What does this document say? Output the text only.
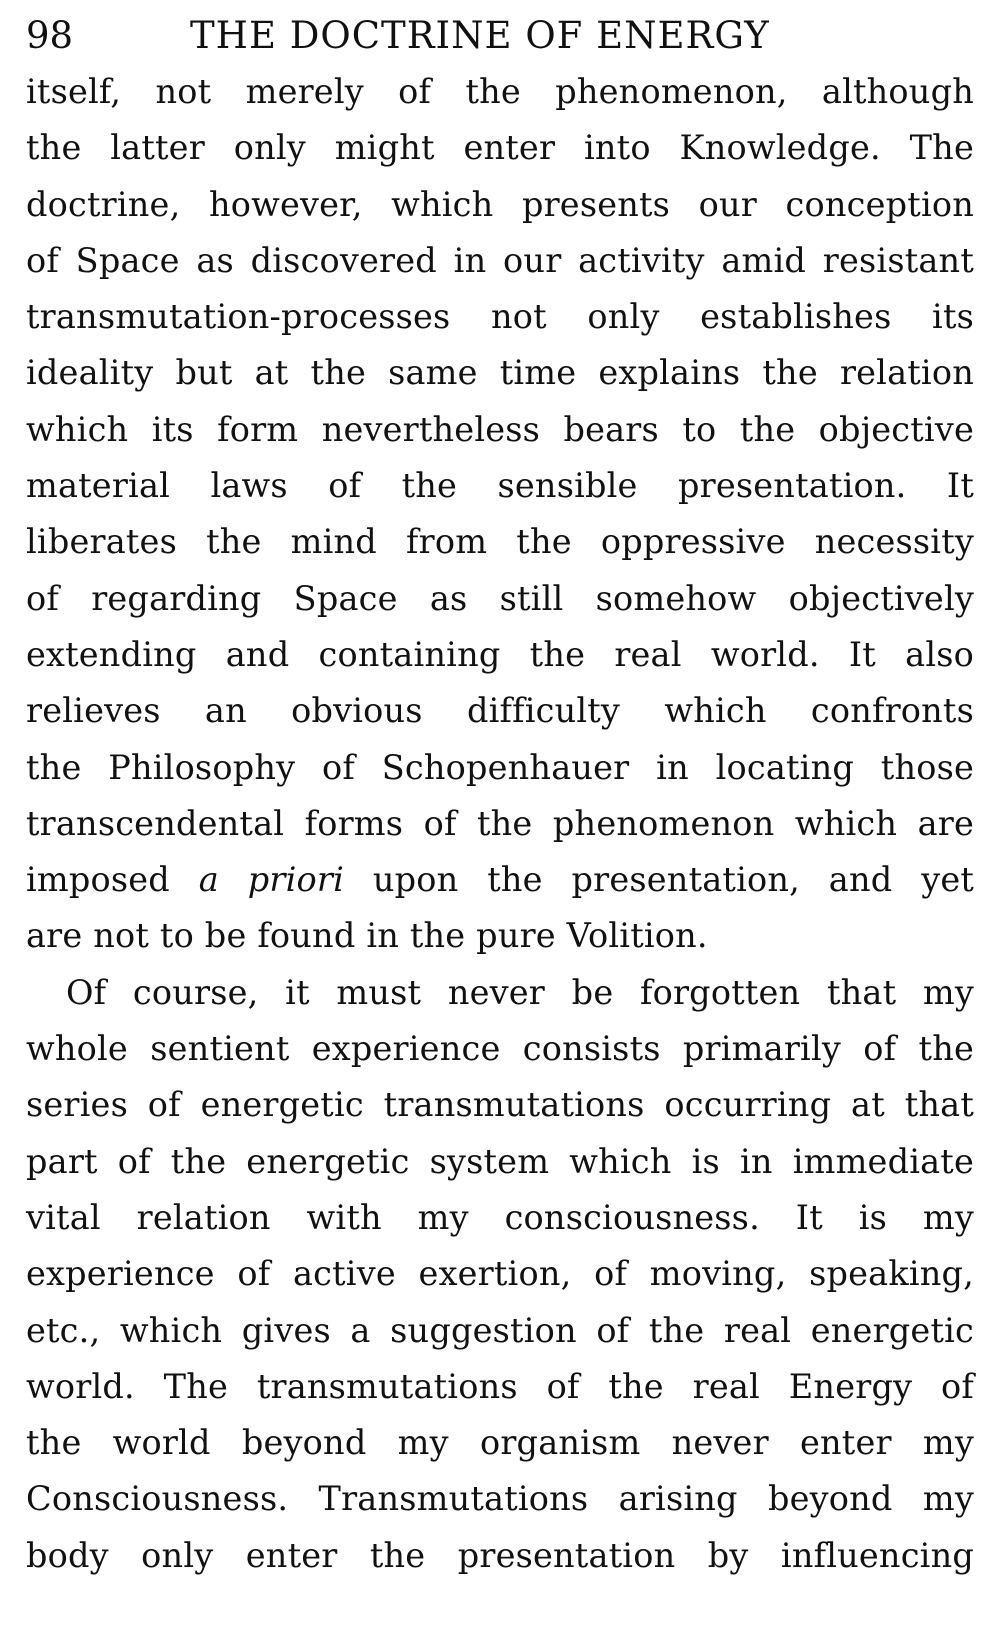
98	THE DOCTRINE OF ENERGY
itself, not merely of the phenomenon, although
the latter only might enter into Knowledge. The
doctrine, however, which presents our conception
of Space as discovered in our activity amid resistant
transmutation-processes not only establishes its
ideality but at the same time explains the relation
which its form nevertheless bears to the objective
material laws of the sensible presentation. It
liberates the mind from the oppressive necessity
of regarding Space as still somehow objectively
extending and containing the real world. It also
relieves an obvious difficulty which confronts
the Philosophy of Schopenhauer in locating those
transcendental forms of the phenomenon which are
imposed a priori upon the presentation, and yet
are not to be found in the pure Volition.
Of course, it must never be forgotten that my
whole sentient experience consists primarily of the
series of energetic transmutations occurring at that
part of the energetic system which is in immediate
vital relation with my consciousness. It is my
experience of active exertion, of moving, speaking,
etc., which gives a suggestion of the real energetic
world. The transmutations of the real Energy of
the world beyond my organism never enter my
Consciousness. Transmutations arising beyond my
body only enter the presentation by influencing
